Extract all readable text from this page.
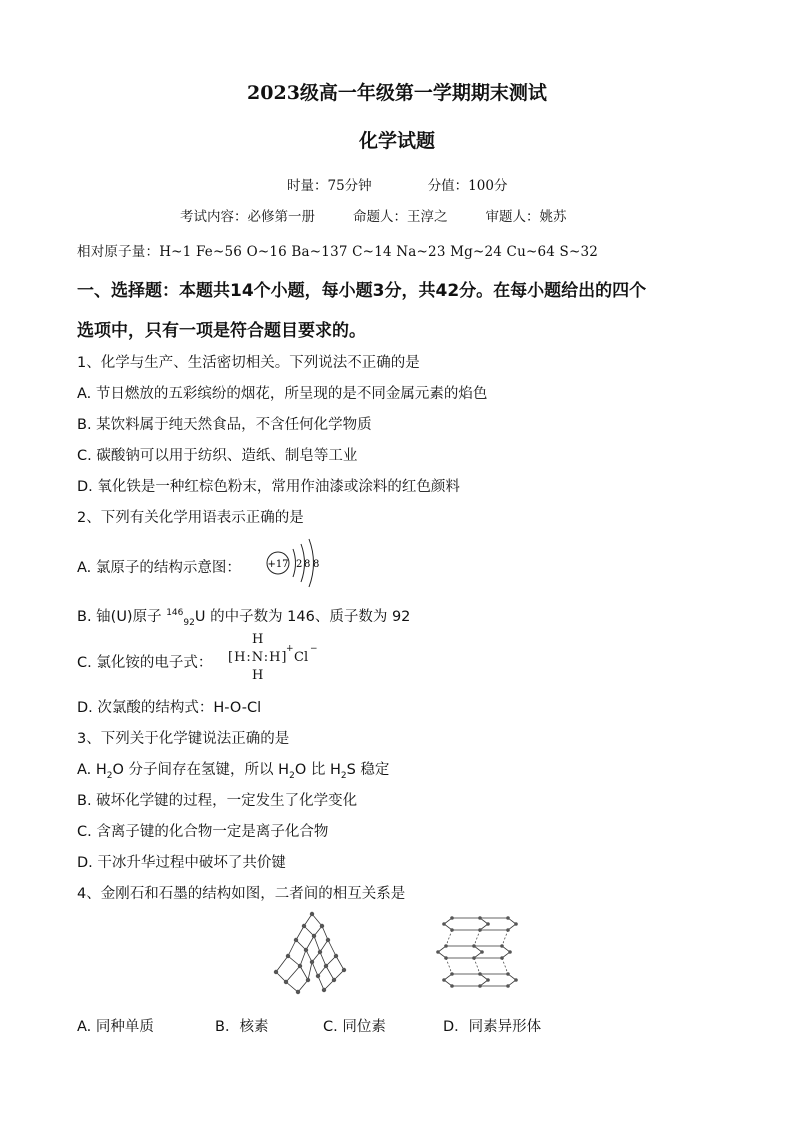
2023级高一年级第一学期期末测试
化学试题
时量：75分钟	分值：100分
考试内容：必修第一册	命题人：王淳之	审题人：姚苏
相对原子量：H~1 Fe~56 O~16 Ba~137 C~14 Na~23 Mg~24 Cu~64 S~32
一、选择题：本题共14个小题，每小题3分，共42分。在每小题给出的四个
选项中，只有一项是符合题目要求的。
1、化学与生产、生活密切相关。下列说法不正确的是
A. 节日燃放的五彩缤纷的烟花，所呈现的是不同金属元素的焰色
B. 某饮料属于纯天然食品，不含任何化学物质
C. 碳酸钠可以用于纺织、造纸、制皂等工业
D. 氧化铁是一种红棕色粉末，常用作油漆或涂料的红色颜料
2、下列有关化学用语表示正确的是
A. 氯原子的结构示意图：	+17 2 8 8
B. 铀(U)原子 $^{146}_{92}$U 的中子数为 146、质子数为 92
C. 氯化铵的电子式：
H
[H:N:H]
+
Cl
−
H
D. 次氯酸的结构式：H-O-Cl
3、下列关于化学键说法正确的是
A. $H_2O$ 分子间存在氢键，所以 $H_2O$ 比 $H_2S$ 稳定
B. 破坏化学键的过程，一定发生了化学变化
C. 含离子键的化合物一定是离子化合物
D. 干冰升华过程中破坏了共价键
4、金刚石和石墨的结构如图，二者间的相互关系是
A. 同种单质	B．核素	C. 同位素	D．同素异形体
